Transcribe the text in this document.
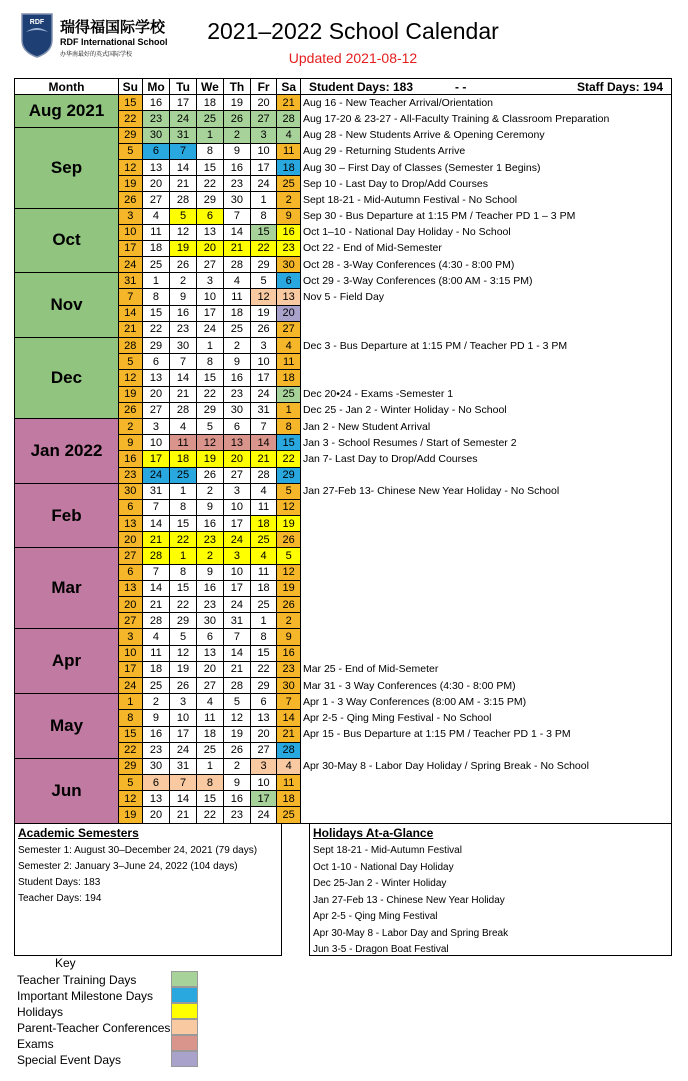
RDF 瑞得福国际学校
RDF International School
办华南最好的英式国际学校
2021–2022 School Calendar
Updated 2021-08-12
Month	Su	Mo	Tu	We	Th	Fr	Sa	Student Days: 183 - - Staff Days: 194

Aug 2021	15	16	17	18	19	20	21	Aug 16 - New Teacher Arrival/Orientation
	22	23	24	25	26	27	28	Aug 17-20 & 23-27 - All-Faculty Training & Classroom Preparation
Sep	29	30	31	1	2	3	4	Aug 28 - New Students Arrive & Opening Ceremony
	5	6	7	8	9	10	11	Aug 29 - Returning Students Arrive
	12	13	14	15	16	17	18	Aug 30 – First Day of Classes (Semester 1 Begins)
	19	20	21	22	23	24	25	Sep 10 - Last Day to Drop/Add Courses
	26	27	28	29	30	1	2	Sept 18-21 - Mid-Autumn Festival - No School
Oct	3	4	5	6	7	8	9	Sep 30 - Bus Departure at 1:15 PM / Teacher PD 1 – 3 PM
	10	11	12	13	14	15	16	Oct 1–10 - National Day Holiday - No School
	17	18	19	20	21	22	23	Oct 22 - End of Mid-Semester
	24	25	26	27	28	29	30	Oct 28 - 3-Way Conferences (4:30 - 8:00 PM)
Nov	31	1	2	3	4	5	6	Oct 29 - 3-Way Conferences (8:00 AM - 3:15 PM)
	7	8	9	10	11	12	13	Nov 5 - Field Day
	14	15	16	17	18	19	20	
	21	22	23	24	25	26	27	
Dec	28	29	30	1	2	3	4	Dec 3 - Bus Departure at 1:15 PM / Teacher PD 1 - 3 PM
	5	6	7	8	9	10	11	
	12	13	14	15	16	17	18	
	19	20	21	22	23	24	25	Dec 20•24 - Exams -Semester 1
	26	27	28	29	30	31	1	Dec 25 - Jan 2 - Winter Holiday - No School
Jan 2022	2	3	4	5	6	7	8	Jan 2 - New Student Arrival
	9	10	11	12	13	14	15	Jan 3 - School Resumes / Start of Semester 2
	16	17	18	19	20	21	22	Jan 7- Last Day to Drop/Add Courses
	23	24	25	26	27	28	29	
Feb	30	31	1	2	3	4	5	Jan 27-Feb 13- Chinese New Year Holiday - No School
	6	7	8	9	10	11	12	
	13	14	15	16	17	18	19	
	20	21	22	23	24	25	26	
Mar	27	28	1	2	3	4	5	
	6	7	8	9	10	11	12	
	13	14	15	16	17	18	19	
	20	21	22	23	24	25	26	
	27	28	29	30	31	1	2	
Apr	3	4	5	6	7	8	9	
	10	11	12	13	14	15	16	
	17	18	19	20	21	22	23	Mar 25 - End of Mid-Semeter
	24	25	26	27	28	29	30	Mar 31 - 3 Way Conferences (4:30 - 8:00 PM)
May	1	2	3	4	5	6	7	Apr 1 - 3 Way Conferences (8:00 AM - 3:15 PM)
	8	9	10	11	12	13	14	Apr 2-5 - Qing Ming Festival - No School
	15	16	17	18	19	20	21	Apr 15 - Bus Departure at 1:15 PM / Teacher PD 1 - 3 PM
	22	23	24	25	26	27	28	
Jun	29	30	31	1	2	3	4	Apr 30-May 8 - Labor Day Holiday / Spring Break - No School
	5	6	7	8	9	10	11	
	12	13	14	15	16	17	18	
	19	20	21	22	23	24	25	
Academic Semesters
Semester 1: August 30–December 24, 2021 (79 days)
Semester 2: January 3–June 24, 2022 (104 days)
Student Days: 183
Teacher Days: 194
Holidays At-a-Glance
Sept 18-21 - Mid-Autumn Festival
Oct 1-10 - National Day Holiday
Dec 25-Jan 2 - Winter Holiday
Jan 27-Feb 13 - Chinese New Year Holiday
Apr 2-5 - Qing Ming Festival
Apr 30-May 8 - Labor Day and Spring Break
Jun 3-5 - Dragon Boat Festival
Key
Teacher Training Days
Important Milestone Days
Holidays
Parent-Teacher Conferences
Exams
Special Event Days
